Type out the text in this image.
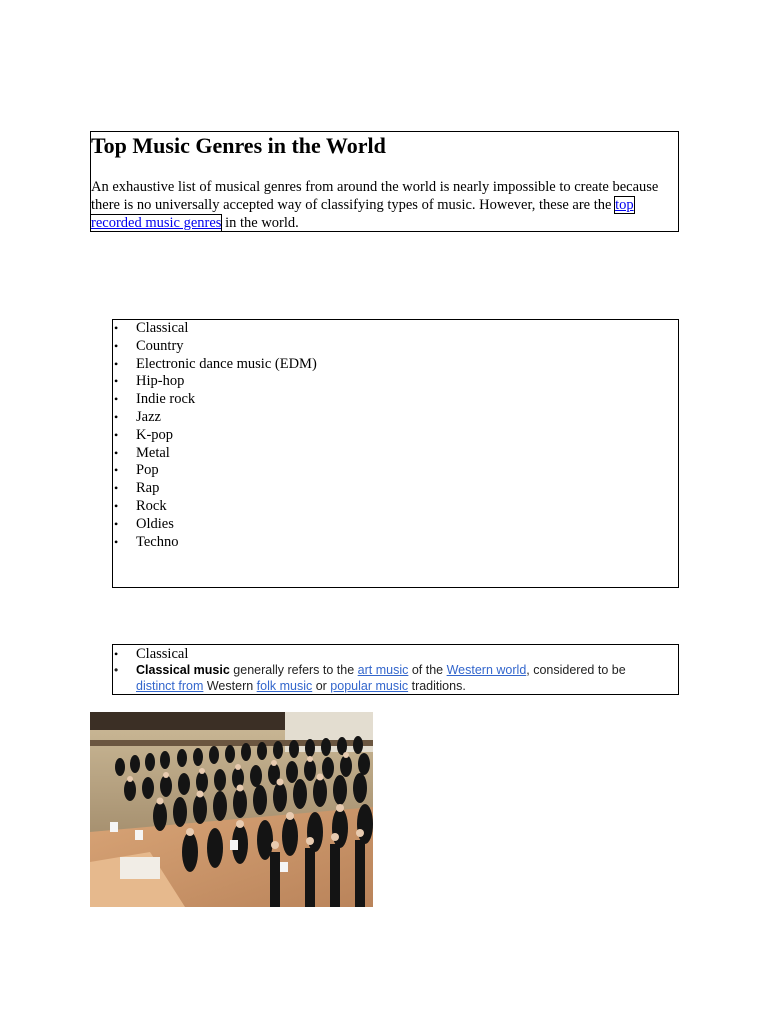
Top Music Genres in the World
An exhaustive list of musical genres from around the world is nearly impossible to create because there is no universally accepted way of classifying types of music. However, these are the top recorded music genres in the world.
• Classical
• Country
• Electronic dance music (EDM)
• Hip-hop
• Indie rock
• Jazz
• K-pop
• Metal
• Pop
• Rap
• Rock
• Oldies
• Techno
• Classical
• Classical music generally refers to the art music of the Western world, considered to be distinct from Western folk music or popular music traditions.
